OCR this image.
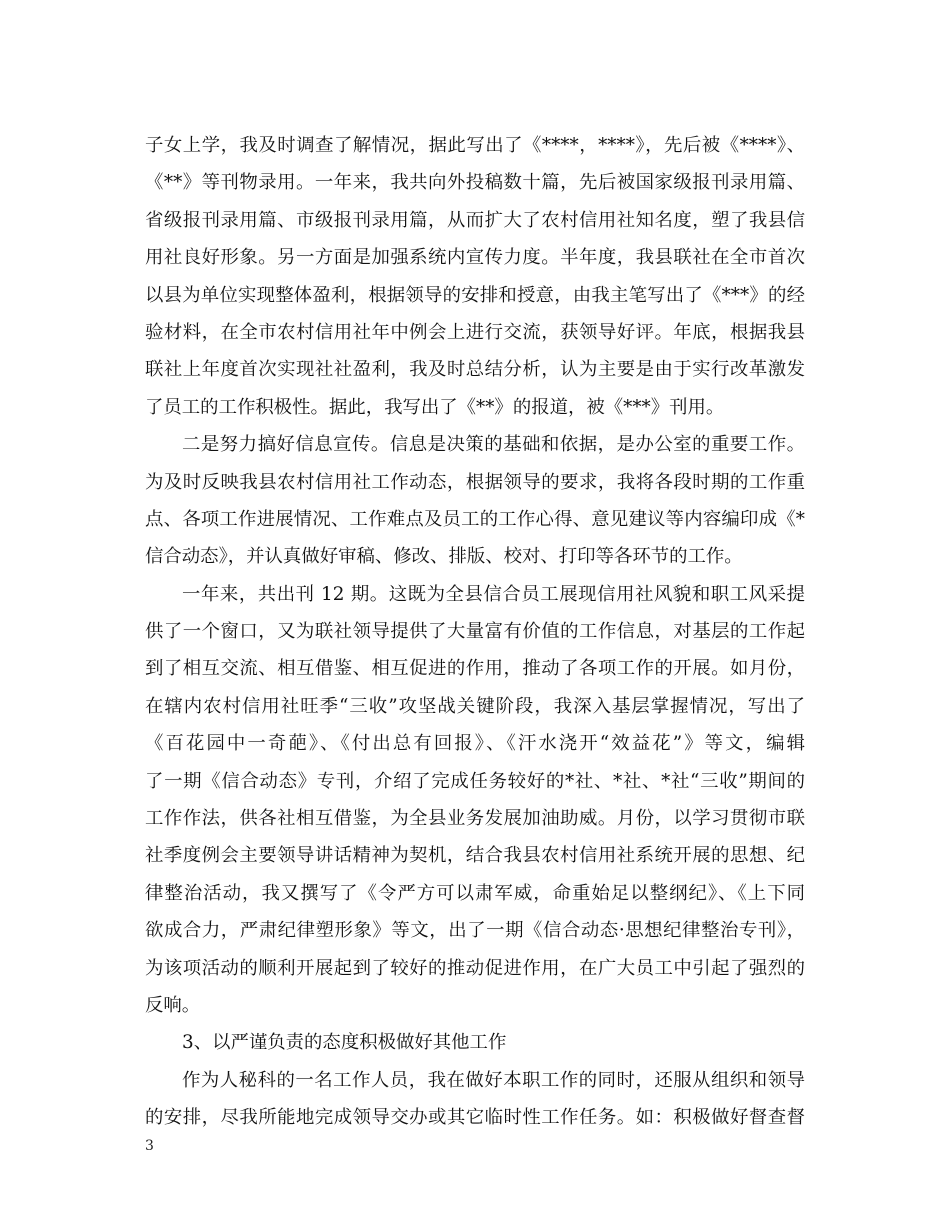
子女上学，我及时调查了解情况，据此写出了《****，****》，先后被《****》、
《**》等刊物录用。一年来，我共向外投稿数十篇，先后被国家级报刊录用篇、
省级报刊录用篇、市级报刊录用篇，从而扩大了农村信用社知名度，塑了我县信
用社良好形象。另一方面是加强系统内宣传力度。半年度，我县联社在全市首次
以县为单位实现整体盈利，根据领导的安排和授意，由我主笔写出了《***》的经
验材料，在全市农村信用社年中例会上进行交流，获领导好评。年底，根据我县
联社上年度首次实现社社盈利，我及时总结分析，认为主要是由于实行改革激发
了员工的工作积极性。据此，我写出了《**》的报道，被《***》刊用。
二是努力搞好信息宣传。信息是决策的基础和依据，是办公室的重要工作。
为及时反映我县农村信用社工作动态，根据领导的要求，我将各段时期的工作重
点、各项工作进展情况、工作难点及员工的工作心得、意见建议等内容编印成《*
信合动态》，并认真做好审稿、修改、排版、校对、打印等各环节的工作。
一年来，共出刊 12 期。这既为全县信合员工展现信用社风貌和职工风采提
供了一个窗口，又为联社领导提供了大量富有价值的工作信息，对基层的工作起
到了相互交流、相互借鉴、相互促进的作用，推动了各项工作的开展。如月份，
在辖内农村信用社旺季“三收”攻坚战关键阶段，我深入基层掌握情况，写出了
《百花园中一奇葩》、《付出总有回报》、《汗水浇开“效益花”》等文，编辑
了一期《信合动态》专刊，介绍了完成任务较好的*社、*社、*社“三收”期间的
工作作法，供各社相互借鉴，为全县业务发展加油助威。月份，以学习贯彻市联
社季度例会主要领导讲话精神为契机，结合我县农村信用社系统开展的思想、纪
律整治活动，我又撰写了《令严方可以肃军威，命重始足以整纲纪》、《上下同
欲成合力，严肃纪律塑形象》等文，出了一期《信合动态·思想纪律整治专刊》，
为该项活动的顺利开展起到了较好的推动促进作用，在广大员工中引起了强烈的
反响。
3、以严谨负责的态度积极做好其他工作
作为人秘科的一名工作人员，我在做好本职工作的同时，还服从组织和领导
的安排，尽我所能地完成领导交办或其它临时性工作任务。如：积极做好督查督
3
